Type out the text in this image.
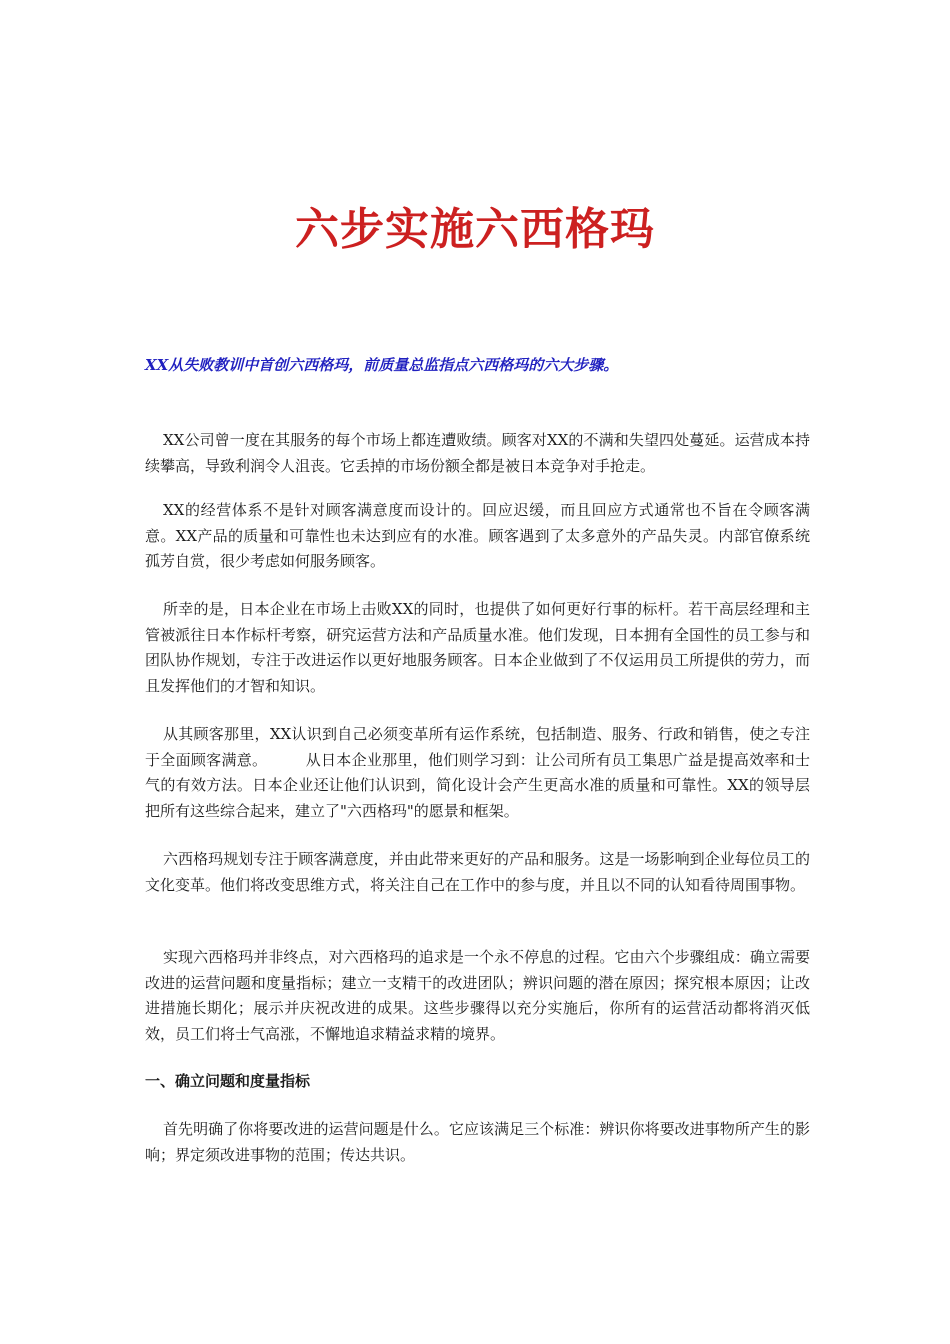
六步实施六西格玛
XX从失败教训中首创六西格玛，前质量总监指点六西格玛的六大步骤。

XX公司曾一度在其服务的每个市场上都连遭败绩。顾客对XX的不满和失望四处蔓延。运营成本持续攀高，导致利润令人沮丧。它丢掉的市场份额全都是被日本竞争对手抢走。

XX的经营体系不是针对顾客满意度而设计的。回应迟缓，而且回应方式通常也不旨在令顾客满意。XX产品的质量和可靠性也未达到应有的水准。顾客遇到了太多意外的产品失灵。内部官僚系统孤芳自赏，很少考虑如何服务顾客。

所幸的是，日本企业在市场上击败XX的同时，也提供了如何更好行事的标杆。若干高层经理和主管被派往日本作标杆考察，研究运营方法和产品质量水准。他们发现，日本拥有全国性的员工参与和团队协作规划，专注于改进运作以更好地服务顾客。日本企业做到了不仅运用员工所提供的劳力，而且发挥他们的才智和知识。

从其顾客那里，XX认识到自己必须变革所有运作系统，包括制造、服务、行政和销售，使之专注于全面顾客满意。　　　从日本企业那里，他们则学习到：让公司所有员工集思广益是提高效率和士气的有效方法。日本企业还让他们认识到，简化设计会产生更高水准的质量和可靠性。XX的领导层把所有这些综合起来，建立了"六西格玛"的愿景和框架。

六西格玛规划专注于顾客满意度，并由此带来更好的产品和服务。这是一场影响到企业每位员工的文化变革。他们将改变思维方式，将关注自己在工作中的参与度，并且以不同的认知看待周围事物。

实现六西格玛并非终点，对六西格玛的追求是一个永不停息的过程。它由六个步骤组成：确立需要改进的运营问题和度量指标；建立一支精干的改进团队；辨识问题的潜在原因；探究根本原因；让改进措施长期化；展示并庆祝改进的成果。这些步骤得以充分实施后，你所有的运营活动都将消灭低效，员工们将士气高涨，不懈地追求精益求精的境界。

一、确立问题和度量指标

首先明确了你将要改进的运营问题是什么。它应该满足三个标准：辨识你将要改进事物所产生的影响；界定须改进事物的范围；传达共识。
